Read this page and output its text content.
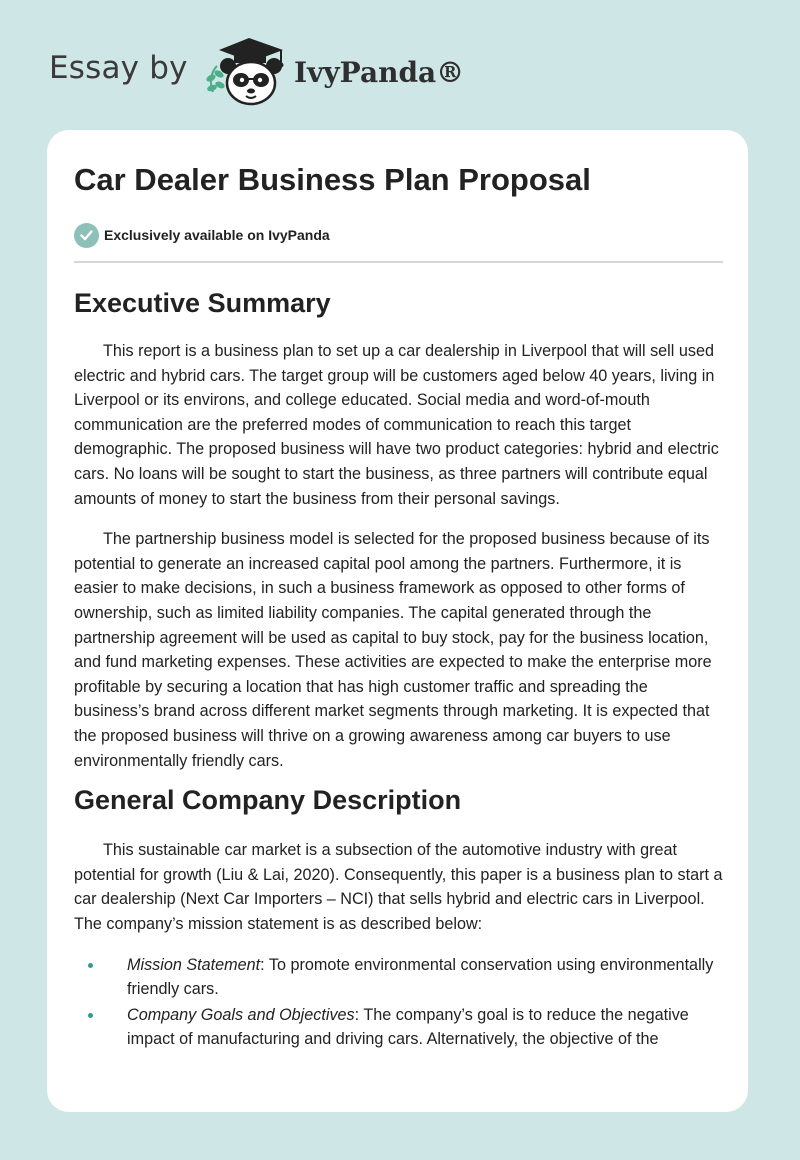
Essay by	IvyPanda®
Car Dealer Business Plan Proposal
Exclusively available on IvyPanda
Executive Summary

This report is a business plan to set up a car dealership in Liverpool that will sell used electric and hybrid cars. The target group will be customers aged below 40 years, living in Liverpool or its environs, and college educated. Social media and word-of-mouth communication are the preferred modes of communication to reach this target demographic. The proposed business will have two product categories: hybrid and electric cars. No loans will be sought to start the business, as three partners will contribute equal amounts of money to start the business from their personal savings.

The partnership business model is selected for the proposed business because of its potential to generate an increased capital pool among the partners. Furthermore, it is easier to make decisions, in such a business framework as opposed to other forms of ownership, such as limited liability companies. The capital generated through the partnership agreement will be used as capital to buy stock, pay for the business location, and fund marketing expenses. These activities are expected to make the enterprise more profitable by securing a location that has high customer traffic and spreading the business’s brand across different market segments through marketing. It is expected that the proposed business will thrive on a growing awareness among car buyers to use environmentally friendly cars.

General Company Description

This sustainable car market is a subsection of the automotive industry with great potential for growth (Liu & Lai, 2020). Consequently, this paper is a business plan to start a car dealership (Next Car Importers – NCI) that sells hybrid and electric cars in Liverpool. The company’s mission statement is as described below:

Mission Statement: To promote environmental conservation using environmentally friendly cars.
Company Goals and Objectives: The company’s goal is to reduce the negative impact of manufacturing and driving cars. Alternatively, the objective of the
